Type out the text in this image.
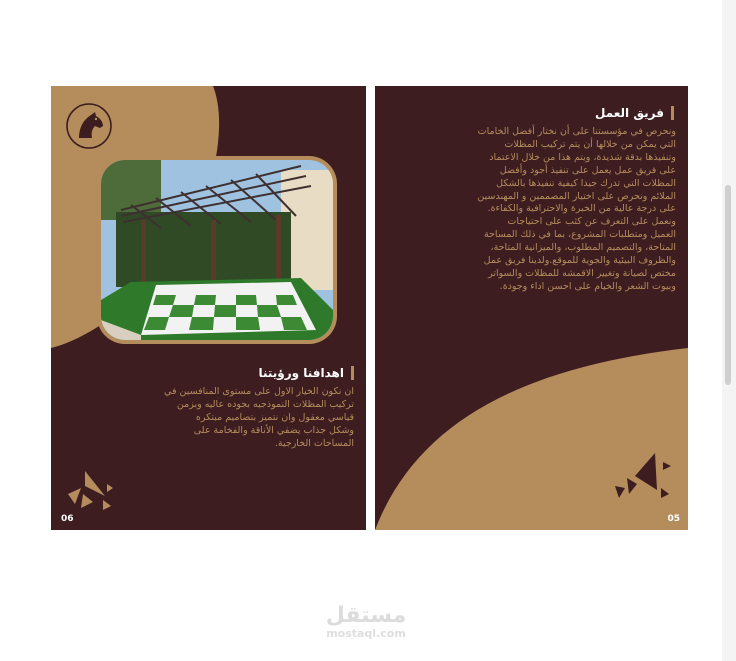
اهدافنا ورؤيتنا
ان نكون الخيار الاول على مستوى المنافسين في
تركيب المظلات النموذجيه بجوده عاليه وبزمن
قياسي معقول وان نتميز بتصاميم مبتكره
وشكل جذاب يضفي الأناقة والفخامة على
المساحات الخارجية.
06
فريق العمل
ونحرص في مؤسستنا على أن نختار أفضل الخامات
التي يمكن من خلالها أن يتم تركيب المظلات
وتنفيذها بدقة شديدة، ويتم هذا من خلال الاعتماد
على فريق عمل يعمل على تنفيذ أجود وأفضل
المظلات التي تدرك جيدا كيفية تنفيذها بالشكل
الملائم ونحرص على اختيار المصممين و المهندسين
على درجة عالية من الخبرة والاحترافية والكفاءة.
ونعمل على التعرف عن كثب على احتياجات
العميل ومتطلبات المشروع، بما في ذلك المساحة
المتاحة، والتصميم المطلوب، والميزانية المتاحة،
والظروف البيئية والجوية للموقع.ولدينا فريق عمل
مختص لصيانة وتغيير الاقمشه للمظلات والسواتر
وبيوت الشعر والخيام على احسن اداء وجودة.
05
مستقل
mostaql.com
